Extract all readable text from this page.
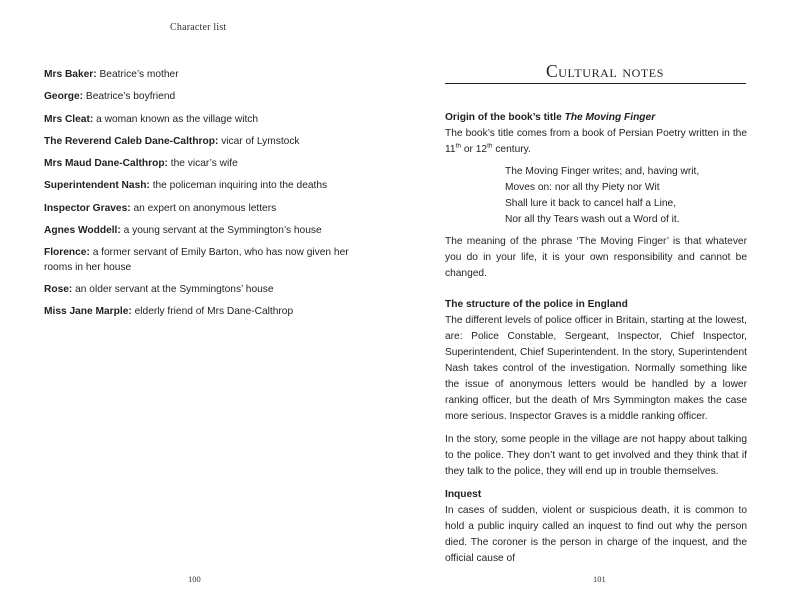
Character list
Mrs Baker: Beatrice’s mother
George: Beatrice’s boyfriend
Mrs Cleat: a woman known as the village witch
The Reverend Caleb Dane-Calthrop: vicar of Lymstock
Mrs Maud Dane-Calthrop: the vicar’s wife
Superintendent Nash: the policeman inquiring into the deaths
Inspector Graves: an expert on anonymous letters
Agnes Woddell: a young servant at the Symmington’s house
Florence: a former servant of Emily Barton, who has now given her rooms in her house
Rose: an older servant at the Symmingtons’ house
Miss Jane Marple: elderly friend of Mrs Dane-Calthrop
100
Cultural notes

Origin of the book’s title The Moving Finger

The book’s title comes from a book of Persian Poetry written in the 11th or 12th century.

The Moving Finger writes; and, having writ,
Moves on: nor all thy Piety nor Wit
Shall lure it back to cancel half a Line,
Nor all thy Tears wash out a Word of it.

The meaning of the phrase ‘The Moving Finger’ is that whatever you do in your life, it is your own responsibility and cannot be changed.

The structure of the police in England

The different levels of police officer in Britain, starting at the lowest, are: Police Constable, Sergeant, Inspector, Chief Inspector, Superintendent, Chief Superintendent. In the story, Superintendent Nash takes control of the investigation. Normally something like the issue of anonymous letters would be handled by a lower ranking officer, but the death of Mrs Symmington makes the case more serious. Inspector Graves is a middle ranking officer.

In the story, some people in the village are not happy about talking to the police. They don’t want to get involved and they think that if they talk to the police, they will end up in trouble themselves.

Inquest

In cases of sudden, violent or suspicious death, it is common to hold a public inquiry called an inquest to find out why the person died. The coroner is the person in charge of the inquest, and the official cause of

101
